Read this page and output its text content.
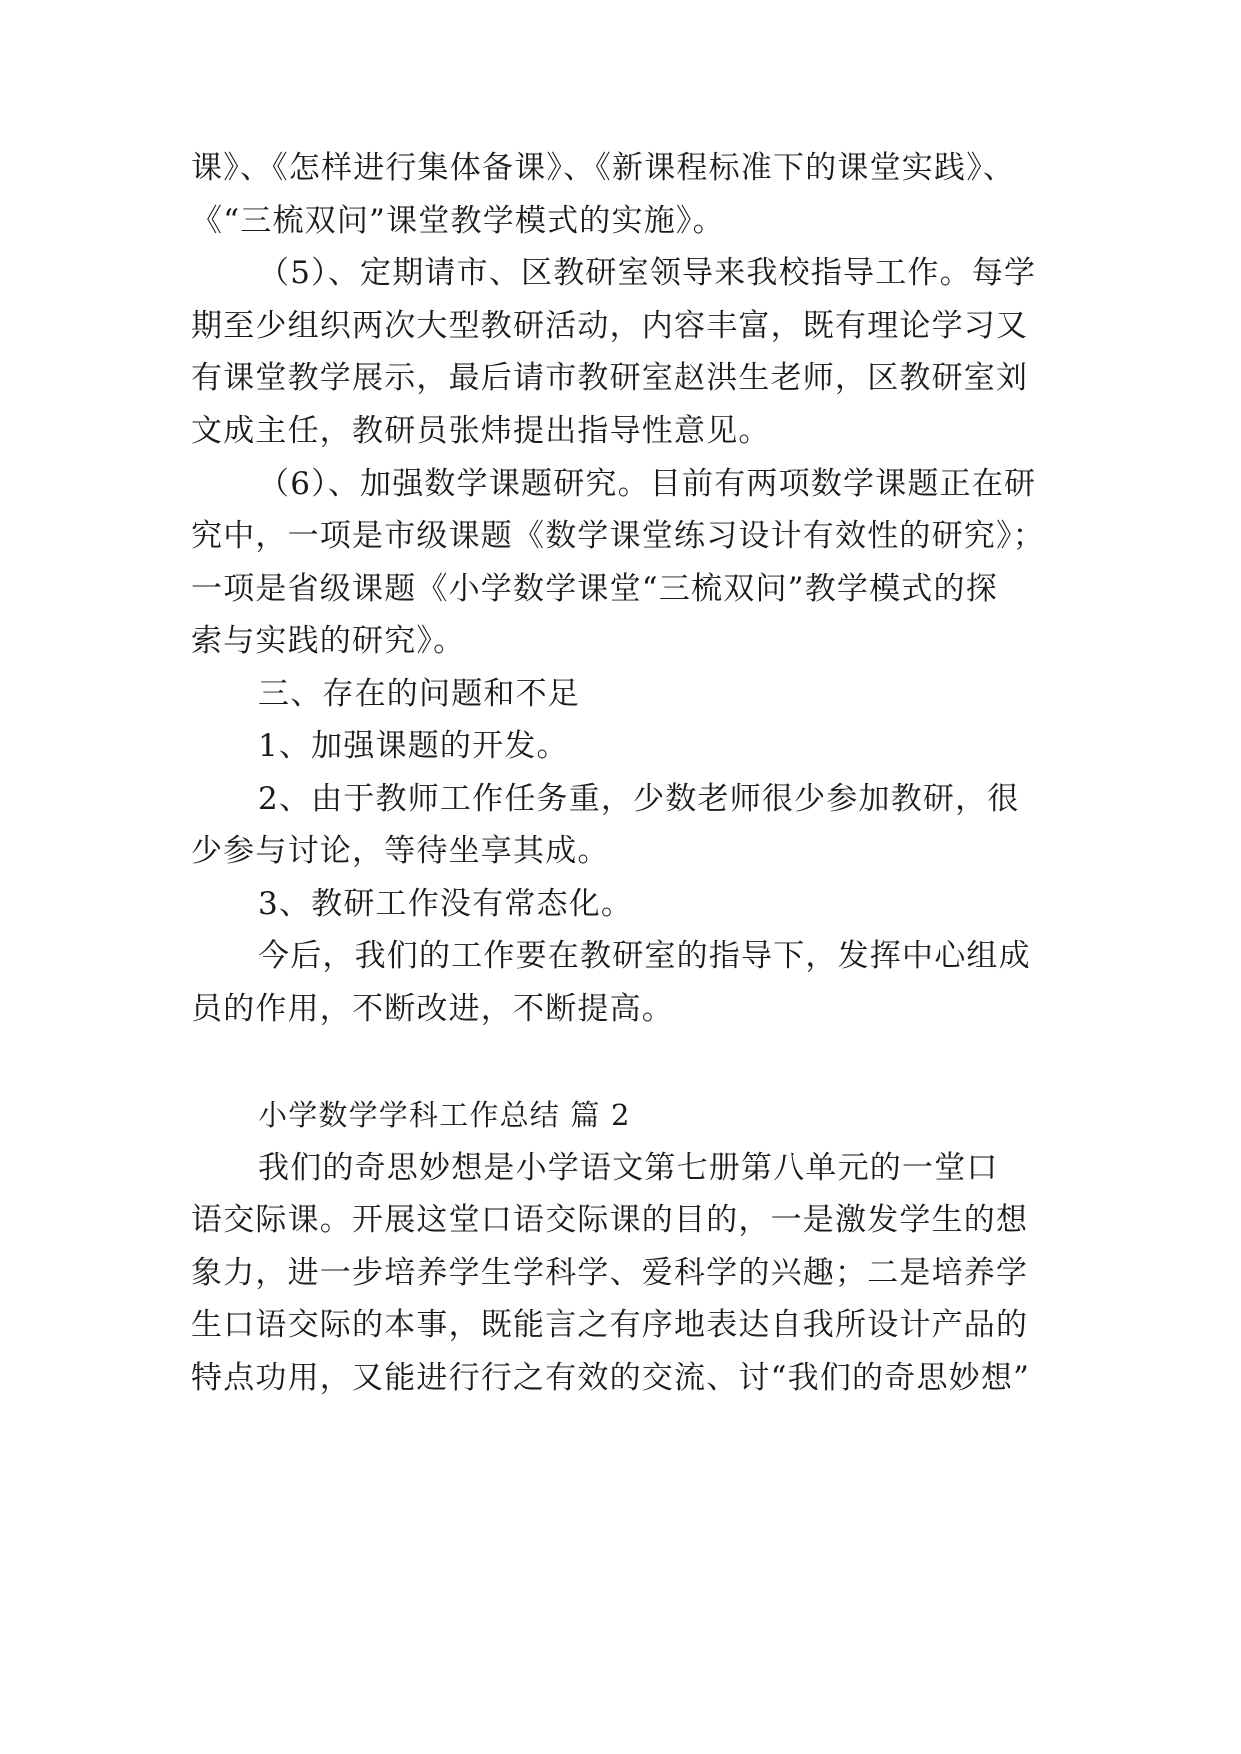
课》、《怎样进行集体备课》、《新课程标准下的课堂实践》、
《“三梳双问”课堂教学模式的实施》。
（5）、定期请市、区教研室领导来我校指导工作。每学
期至少组织两次大型教研活动，内容丰富，既有理论学习又
有课堂教学展示，最后请市教研室赵洪生老师，区教研室刘
文成主任，教研员张炜提出指导性意见。
（6）、加强数学课题研究。目前有两项数学课题正在研
究中，一项是市级课题《数学课堂练习设计有效性的研究》；
一项是省级课题《小学数学课堂“三梳双问”教学模式的探
索与实践的研究》。
三、存在的问题和不足
1、加强课题的开发。
2、由于教师工作任务重，少数老师很少参加教研，很
少参与讨论，等待坐享其成。
3、教研工作没有常态化。
今后，我们的工作要在教研室的指导下，发挥中心组成
员的作用，不断改进，不断提高。
小学数学学科工作总结 篇 2
我们的奇思妙想是小学语文第七册第八单元的一堂口
语交际课。开展这堂口语交际课的目的，一是激发学生的想
象力，进一步培养学生学科学、爱科学的兴趣；二是培养学
生口语交际的本事，既能言之有序地表达自我所设计产品的
特点功用，又能进行行之有效的交流、讨“我们的奇思妙想”
